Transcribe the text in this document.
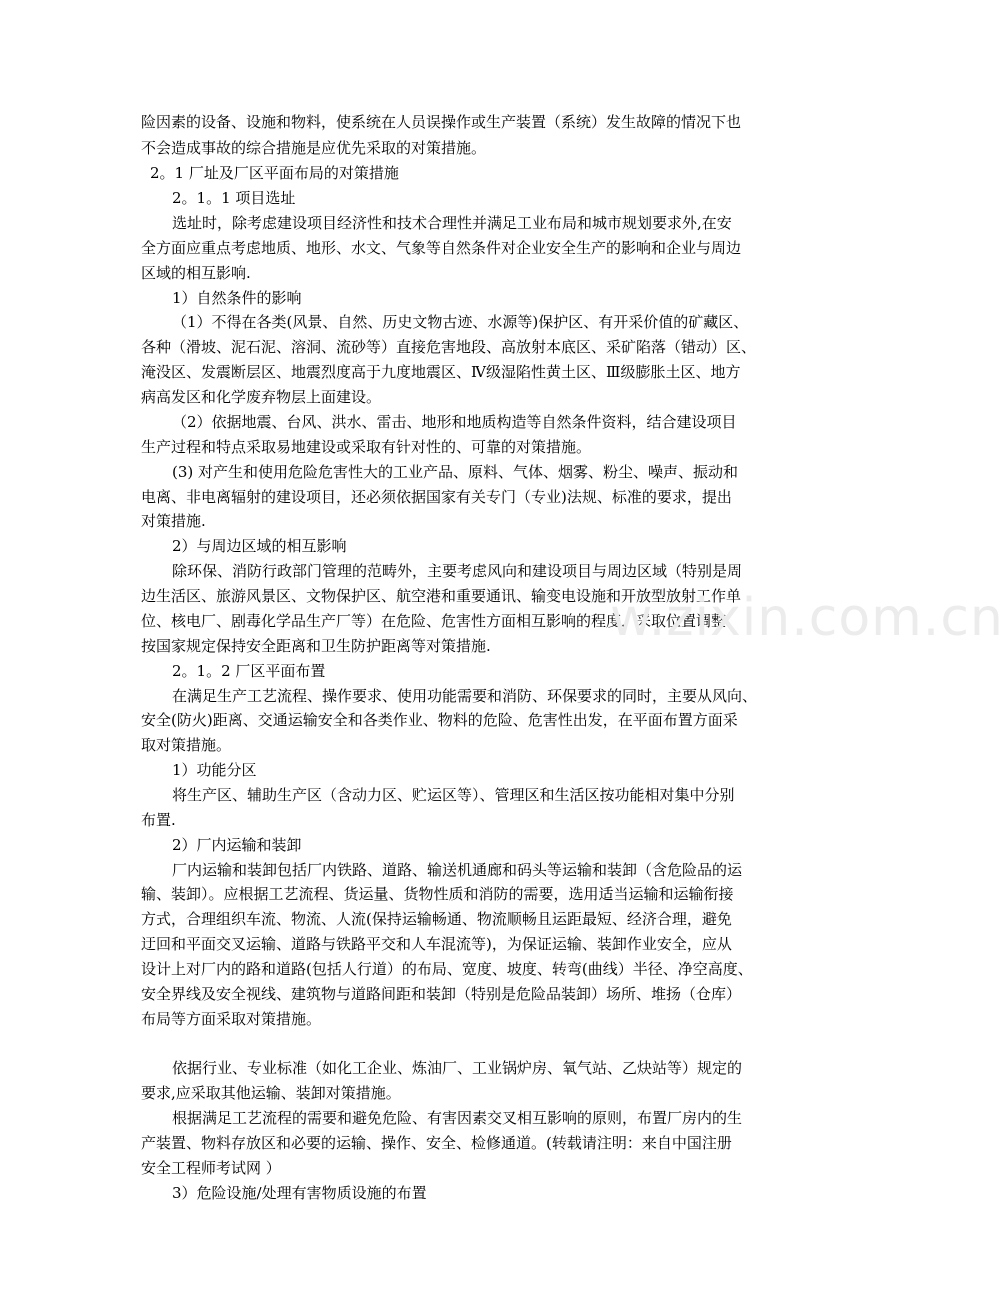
险因素的设备、设施和物料，使系统在人员误操作或生产装置（系统）发生故障的情况下也
不会造成事故的综合措施是应优先采取的对策措施。
2。1 厂址及厂区平面布局的对策措施
2。1。1 项目选址
选址时，除考虑建设项目经济性和技术合理性并满足工业布局和城市规划要求外,在安
全方面应重点考虑地质、地形、水文、气象等自然条件对企业安全生产的影响和企业与周边
区域的相互影响.
1）自然条件的影响
（1）不得在各类(风景、自然、历史文物古迹、水源等)保护区、有开采价值的矿藏区、
各种（滑坡、泥石泥、溶洞、流砂等）直接危害地段、高放射本底区、采矿陷落（错动）区、
淹没区、发震断层区、地震烈度高于九度地震区、Ⅳ级湿陷性黄土区、Ⅲ级膨胀土区、地方
病高发区和化学废弃物层上面建设。
（2）依据地震、台风、洪水、雷击、地形和地质构造等自然条件资料，结合建设项目
生产过程和特点采取易地建设或采取有针对性的、可靠的对策措施。
(3) 对产生和使用危险危害性大的工业产品、原料、气体、烟雾、粉尘、噪声、振动和
电离、非电离辐射的建设项目，还必须依据国家有关专门（专业)法规、标准的要求，提出
对策措施.
2）与周边区域的相互影响
除环保、消防行政部门管理的范畴外，主要考虑风向和建设项目与周边区域（特别是周
边生活区、旅游风景区、文物保护区、航空港和重要通讯、输变电设施和开放型放射工作单
位、核电厂、剧毒化学品生产厂等）在危险、危害性方面相互影响的程度，采取位置调整、
按国家规定保持安全距离和卫生防护距离等对策措施.
2。1。2 厂区平面布置
在满足生产工艺流程、操作要求、使用功能需要和消防、环保要求的同时，主要从风向、
安全(防火)距离、交通运输安全和各类作业、物料的危险、危害性出发，在平面布置方面采
取对策措施。
1）功能分区
将生产区、辅助生产区（含动力区、贮运区等）、管理区和生活区按功能相对集中分别
布置.
2）厂内运输和装卸
厂内运输和装卸包括厂内铁路、道路、输送机通廊和码头等运输和装卸（含危险品的运
输、装卸）。应根据工艺流程、货运量、货物性质和消防的需要，选用适当运输和运输衔接
方式，合理组织车流、物流、人流(保持运输畅通、物流顺畅且运距最短、经济合理，避免
迂回和平面交叉运输、道路与铁路平交和人车混流等)，为保证运输、装卸作业安全，应从
设计上对厂内的路和道路(包括人行道）的布局、宽度、坡度、转弯(曲线）半径、净空高度、
安全界线及安全视线、建筑物与道路间距和装卸（特别是危险品装卸）场所、堆扬（仓库）
布局等方面采取对策措施。
依据行业、专业标准（如化工企业、炼油厂、工业锅炉房、氧气站、乙炔站等）规定的
要求,应采取其他运输、装卸对策措施。
根据满足工艺流程的需要和避免危险、有害因素交叉相互影响的原则，布置厂房内的生
产装置、物料存放区和必要的运输、操作、安全、检修通道。(转载请注明：来自中国注册
安全工程师考试网 ）
3）危险设施/处理有害物质设施的布置
w.zixin.com.cn
